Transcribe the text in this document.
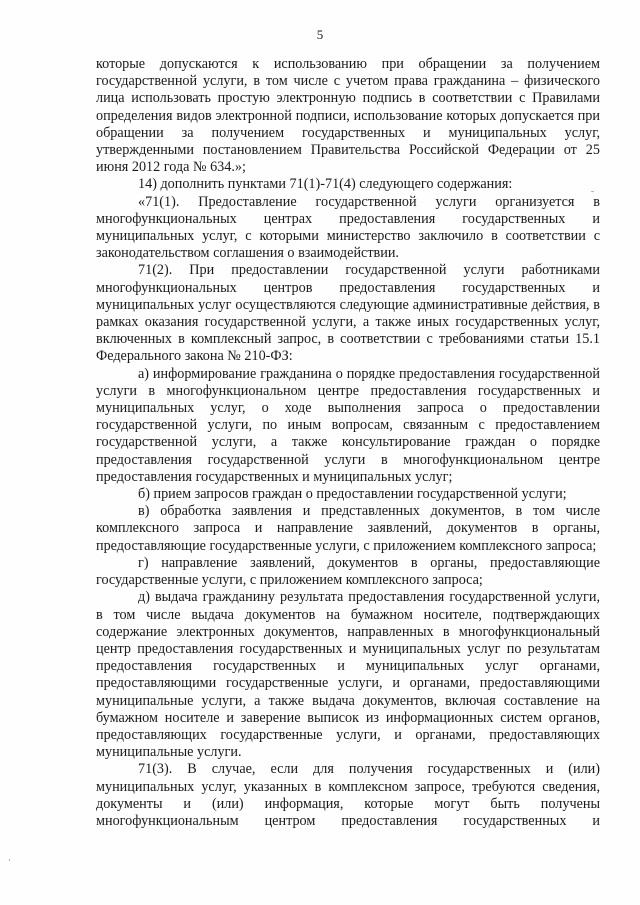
5

которые допускаются к использованию при обращении за получением государственной услуги, в том числе с учетом права гражданина – физического лица использовать простую электронную подпись в соответствии с Правилами определения видов электронной подписи, использование которых допускается при обращении за получением государственных и муниципальных услуг, утвержденными постановлением Правительства Российской Федерации от 25 июня 2012 года № 634.»;

14) дополнить пунктами 71(1)-71(4) следующего содержания:

«71(1). Предоставление государственной услуги организуется в многофункциональных центрах предоставления государственных и муниципальных услуг, с которыми министерство заключило в соответствии с законодательством соглашения о взаимодействии.

71(2). При предоставлении государственной услуги работниками многофункциональных центров предоставления государственных и муниципальных услуг осуществляются следующие административные действия, в рамках оказания государственной услуги, а также иных государственных услуг, включенных в комплексный запрос, в соответствии с требованиями статьи 15.1 Федерального закона № 210-ФЗ:

а) информирование гражданина о порядке предоставления государственной услуги в многофункциональном центре предоставления государственных и муниципальных услуг, о ходе выполнения запроса о предоставлении государственной услуги, по иным вопросам, связанным с предоставлением государственной услуги, а также консультирование граждан о порядке предоставления государственной услуги в многофункциональном центре предоставления государственных и муниципальных услуг;

б) прием запросов граждан о предоставлении государственной услуги;

в) обработка заявления и представленных документов, в том числе комплексного запроса и направление заявлений, документов в органы, предоставляющие государственные услуги, с приложением комплексного запроса;

г) направление заявлений, документов в органы, предоставляющие государственные услуги, с приложением комплексного запроса;

д) выдача гражданину результата предоставления государственной услуги, в том числе выдача документов на бумажном носителе, подтверждающих содержание электронных документов, направленных в многофункциональный центр предоставления государственных и муниципальных услуг по результатам предоставления государственных и муниципальных услуг органами, предоставляющими государственные услуги, и органами, предоставляющими муниципальные услуги, а также выдача документов, включая составление на бумажном носителе и заверение выписок из информационных систем органов, предоставляющих государственные услуги, и органами, предоставляющих муниципальные услуги.

71(3). В случае, если для получения государственных и (или) муниципальных услуг, указанных в комплексном запросе, требуются сведения, документы и (или) информация, которые могут быть получены многофункциональным центром предоставления государственных и

ˍ
·
